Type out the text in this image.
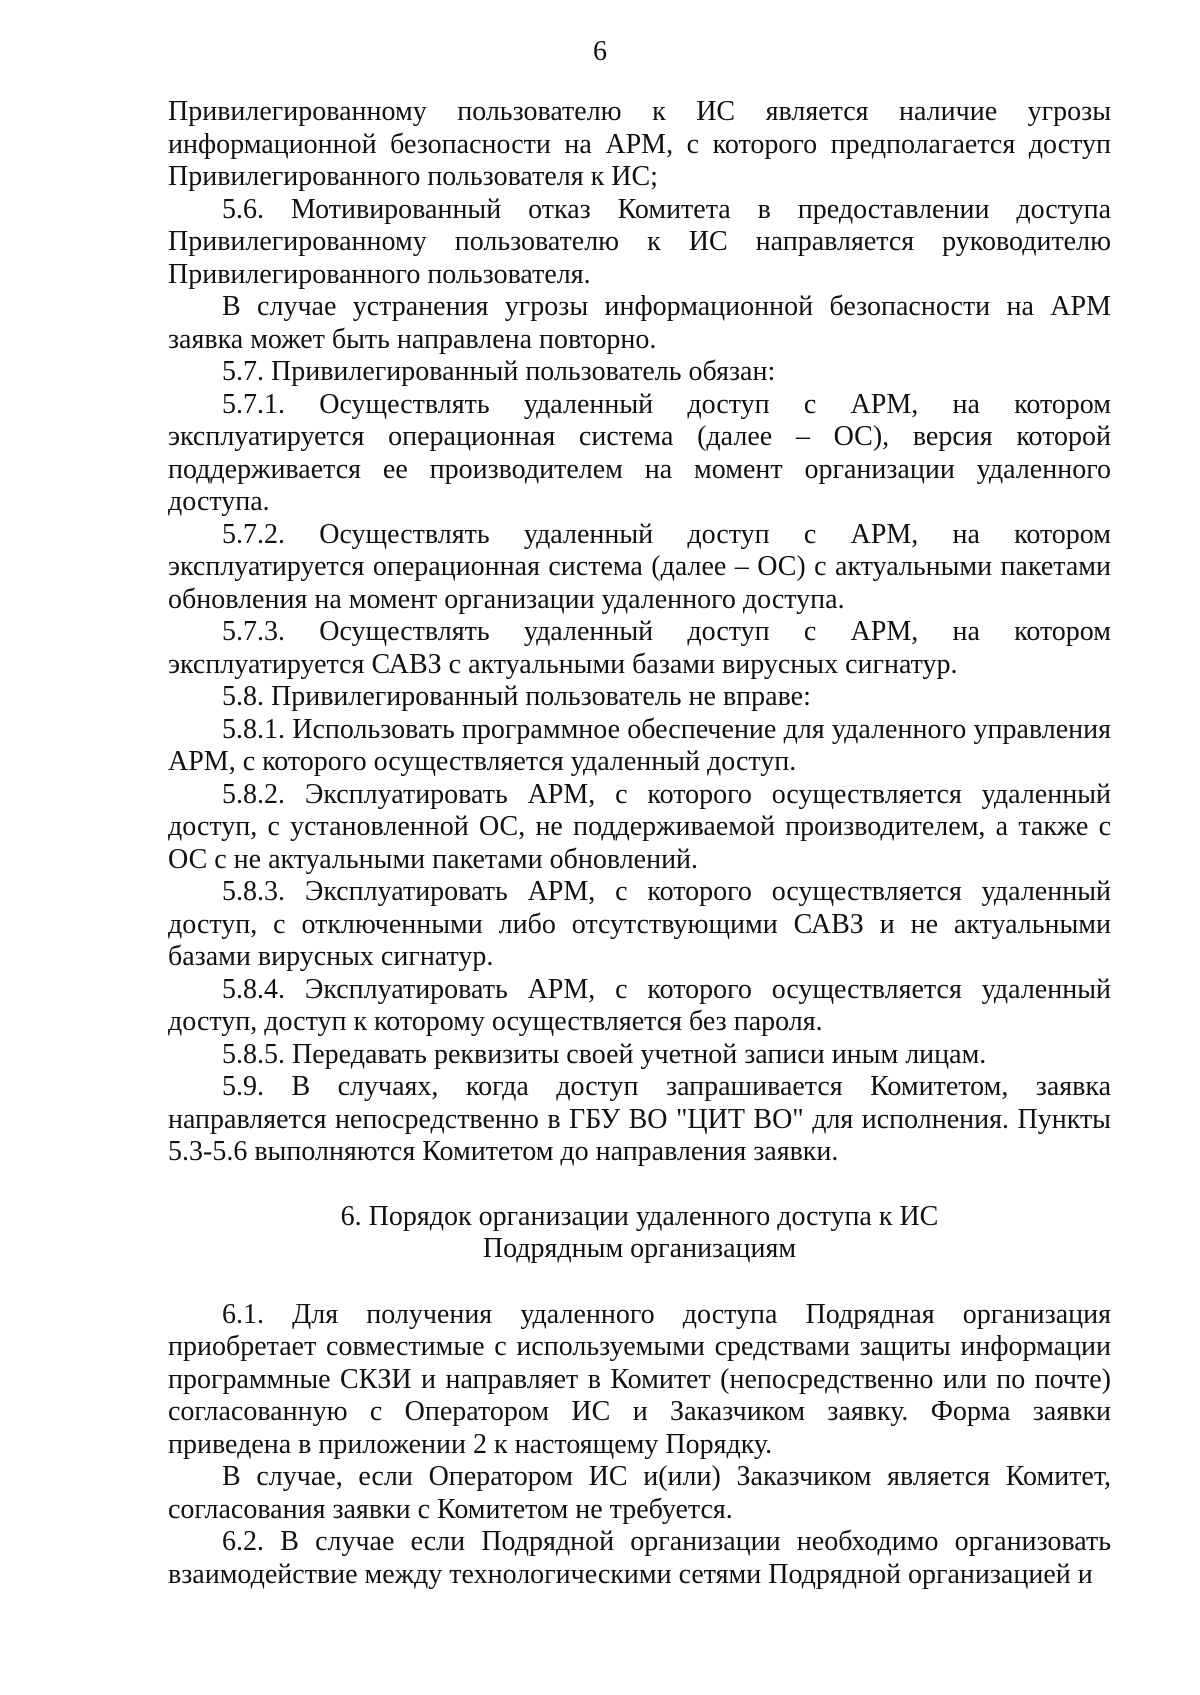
6

Привилегированному пользователю к ИС является наличие угрозы информационной безопасности на АРМ, с которого предполагается доступ Привилегированного пользователя к ИС;

5.6. Мотивированный отказ Комитета в предоставлении доступа Привилегированному пользователю к ИС направляется руководителю Привилегированного пользователя.

В случае устранения угрозы информационной безопасности на АРМ заявка может быть направлена повторно.

5.7. Привилегированный пользователь обязан:

5.7.1. Осуществлять удаленный доступ с АРМ, на котором эксплуатируется операционная система (далее – ОС), версия которой поддерживается ее производителем на момент организации удаленного доступа.

5.7.2. Осуществлять удаленный доступ с АРМ, на котором эксплуатируется операционная система (далее – ОС) с актуальными пакетами обновления на момент организации удаленного доступа.

5.7.3. Осуществлять удаленный доступ с АРМ, на котором эксплуатируется САВЗ с актуальными базами вирусных сигнатур.

5.8. Привилегированный пользователь не вправе:

5.8.1. Использовать программное обеспечение для удаленного управления АРМ, с которого осуществляется удаленный доступ.

5.8.2. Эксплуатировать АРМ, с которого осуществляется удаленный доступ, с установленной ОС, не поддерживаемой производителем, а также с ОС с не актуальными пакетами обновлений.

5.8.3. Эксплуатировать АРМ, с которого осуществляется удаленный доступ, с отключенными либо отсутствующими САВЗ и не актуальными базами вирусных сигнатур.

5.8.4. Эксплуатировать АРМ, с которого осуществляется удаленный доступ, доступ к которому осуществляется без пароля.

5.8.5. Передавать реквизиты своей учетной записи иным лицам.

5.9. В случаях, когда доступ запрашивается Комитетом, заявка направляется непосредственно в ГБУ ВО "ЦИТ ВО" для исполнения. Пункты 5.3-5.6 выполняются Комитетом до направления заявки.

6. Порядок организации удаленного доступа к ИС

Подрядным организациям

6.1. Для получения удаленного доступа Подрядная организация приобретает совместимые с используемыми средствами защиты информации программные СКЗИ и направляет в Комитет (непосредственно или по почте) согласованную с Оператором ИС и Заказчиком заявку. Форма заявки приведена в приложении 2 к настоящему Порядку.

В случае, если Оператором ИС и(или) Заказчиком является Комитет, согласования заявки с Комитетом не требуется.

6.2. В случае если Подрядной организации необходимо организовать взаимодействие между технологическими сетями Подрядной организацией и
